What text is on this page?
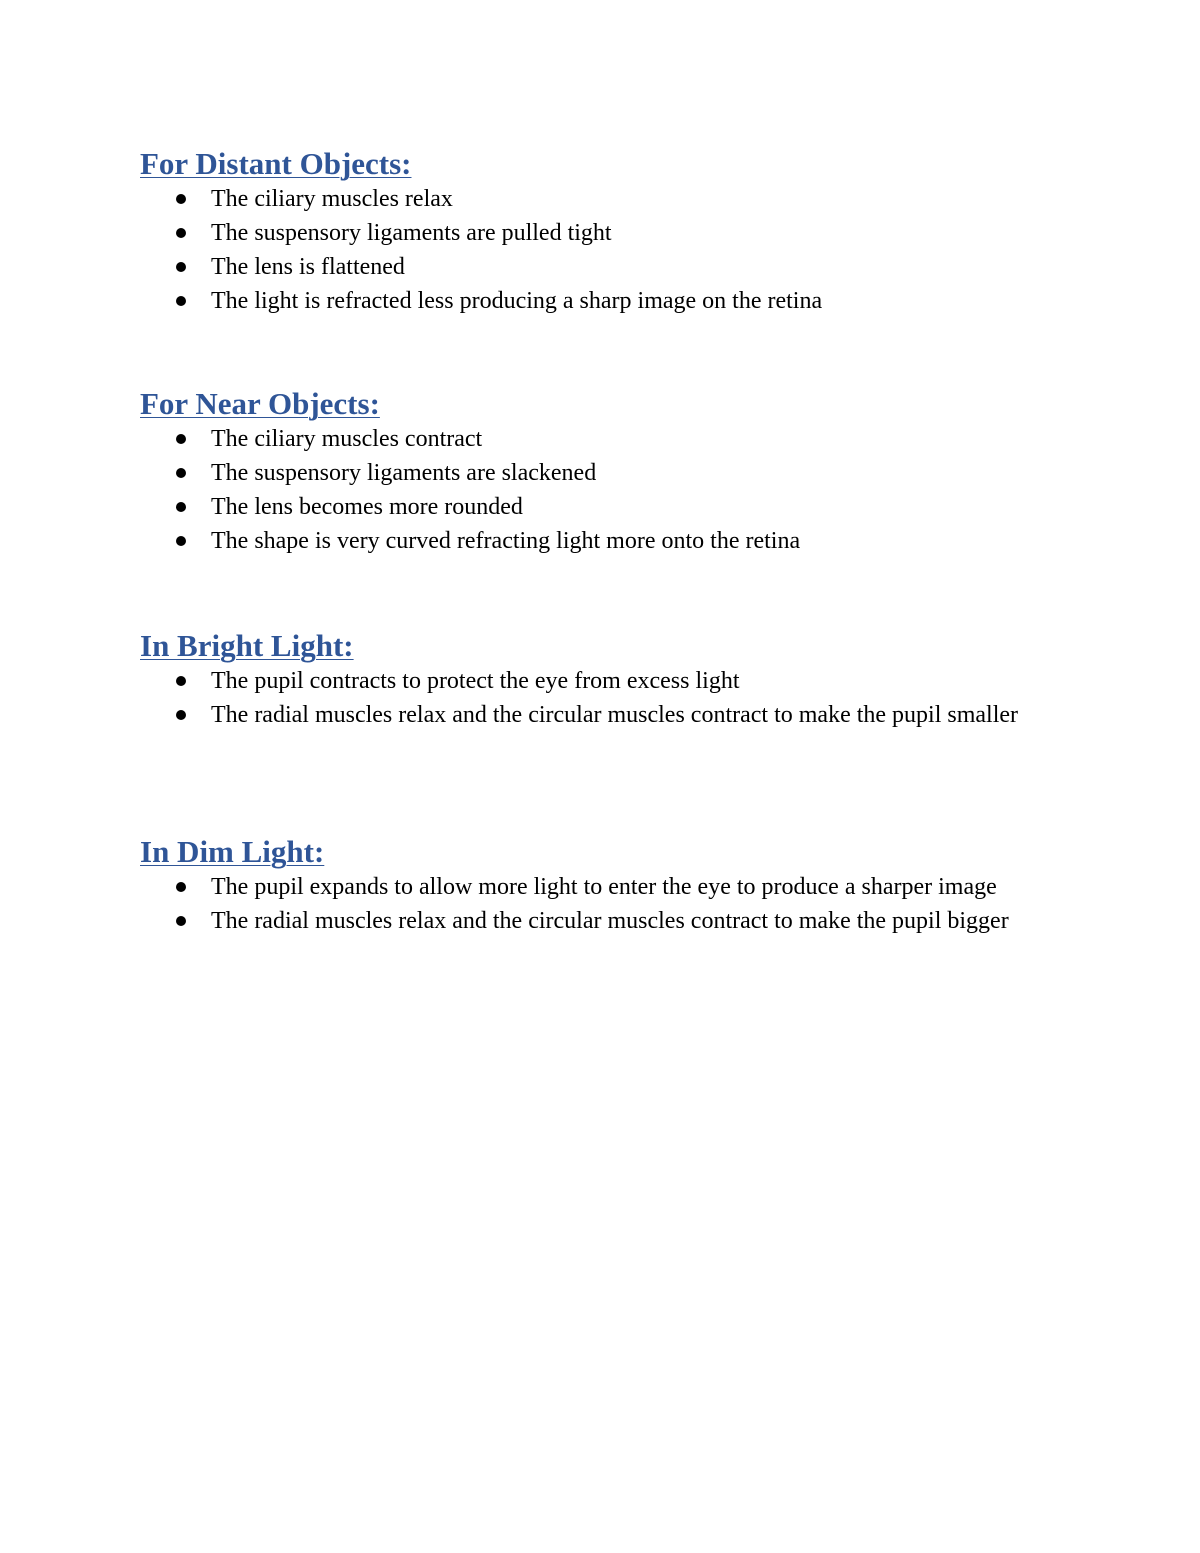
For Distant Objects:
The ciliary muscles relax
The suspensory ligaments are pulled tight
The lens is flattened
The light is refracted less producing a sharp image on the retina
For Near Objects:
The ciliary muscles contract
The suspensory ligaments are slackened
The lens becomes more rounded
The shape is very curved refracting light more onto the retina
In Bright Light:
The pupil contracts to protect the eye from excess light
The radial muscles relax and the circular muscles contract to make the pupil smaller
In Dim Light:
The pupil expands to allow more light to enter the eye to produce a sharper image
The radial muscles relax and the circular muscles contract to make the pupil bigger
